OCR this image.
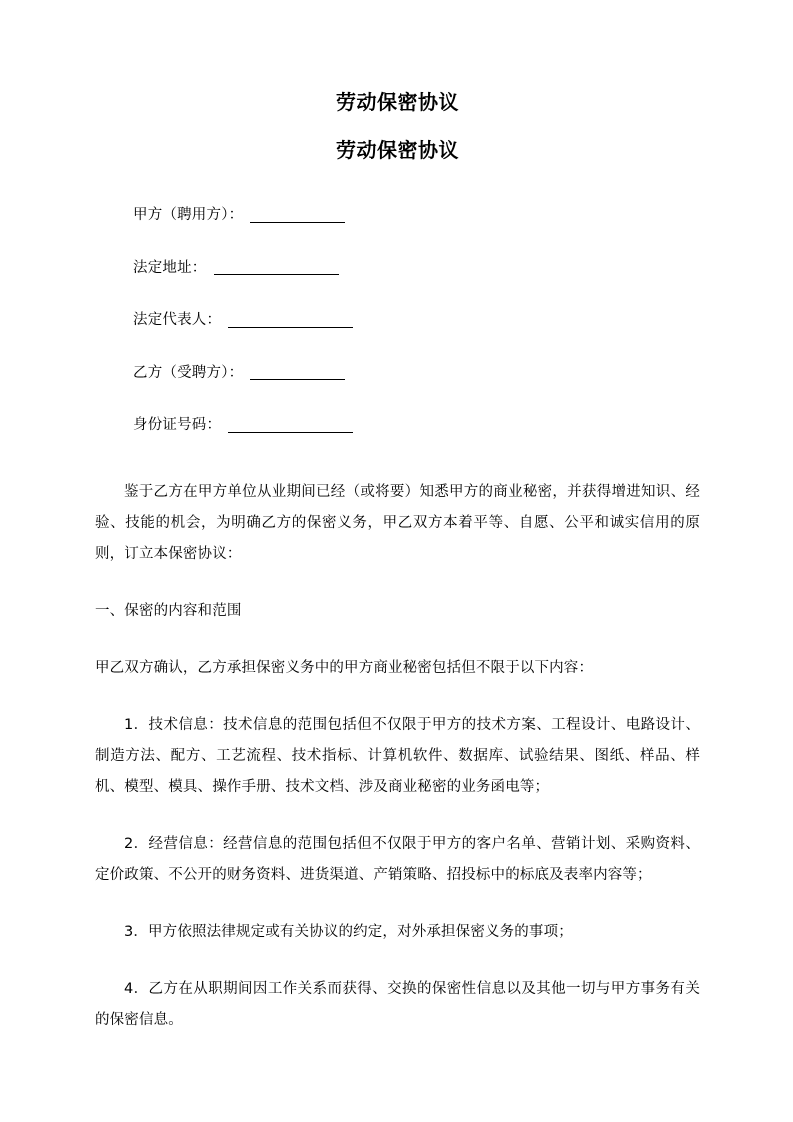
劳动保密协议
劳动保密协议
甲方（聘用方）：
法定地址：
法定代表人：
乙方（受聘方）：
身份证号码：

鉴于乙方在甲方单位从业期间已经（或将要）知悉甲方的商业秘密，并获得增进知识、经验、技能的机会，为明确乙方的保密义务，甲乙双方本着平等、自愿、公平和诚实信用的原则，订立本保密协议：

一、保密的内容和范围

甲乙双方确认，乙方承担保密义务中的甲方商业秘密包括但不限于以下内容：

1．技术信息：技术信息的范围包括但不仅限于甲方的技术方案、工程设计、电路设计、制造方法、配方、工艺流程、技术指标、计算机软件、数据库、试验结果、图纸、样品、样机、模型、模具、操作手册、技术文档、涉及商业秘密的业务函电等；

2．经营信息：经营信息的范围包括但不仅限于甲方的客户名单、营销计划、采购资料、定价政策、不公开的财务资料、进货渠道、产销策略、招投标中的标底及表率内容等；

3．甲方依照法律规定或有关协议的约定，对外承担保密义务的事项；

4．乙方在从职期间因工作关系而获得、交换的保密性信息以及其他一切与甲方事务有关的保密信息。
